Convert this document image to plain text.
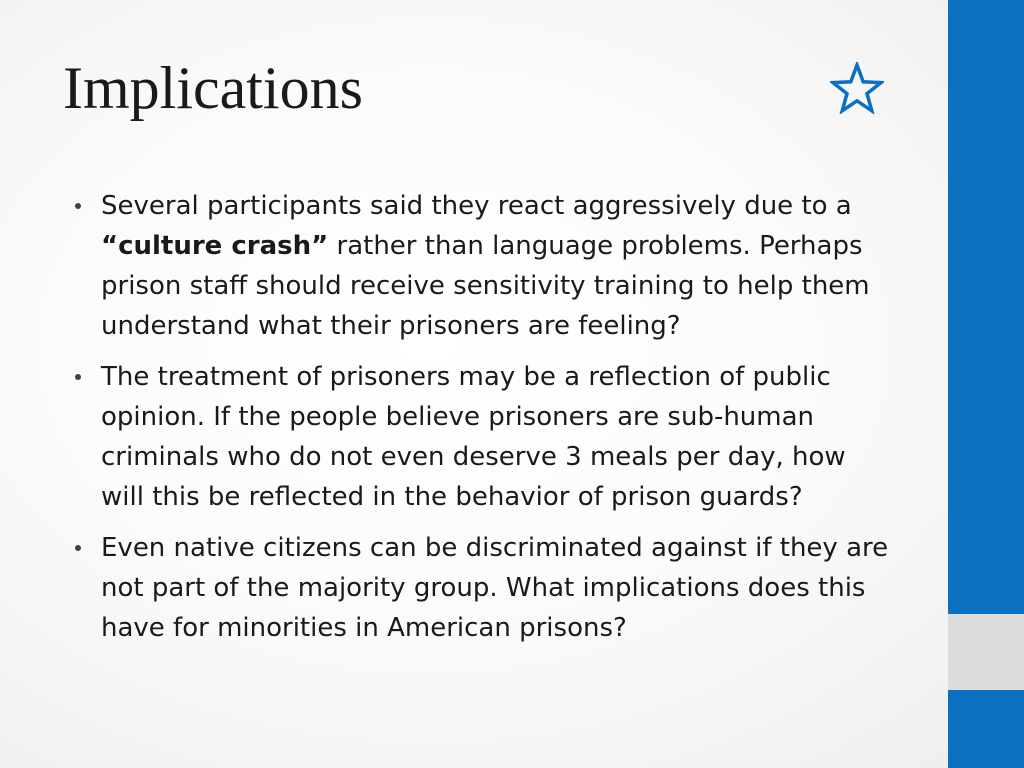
Implications
Several participants said they react aggressively due to a “culture crash” rather than language problems. Perhaps prison staff should receive sensitivity training to help them understand what their prisoners are feeling?
The treatment of prisoners may be a reflection of public opinion. If the people believe prisoners are sub-human criminals who do not even deserve 3 meals per day, how will this be reflected in the behavior of prison guards?
Even native citizens can be discriminated against if they are not part of the majority group. What implications does this have for minorities in American prisons?
